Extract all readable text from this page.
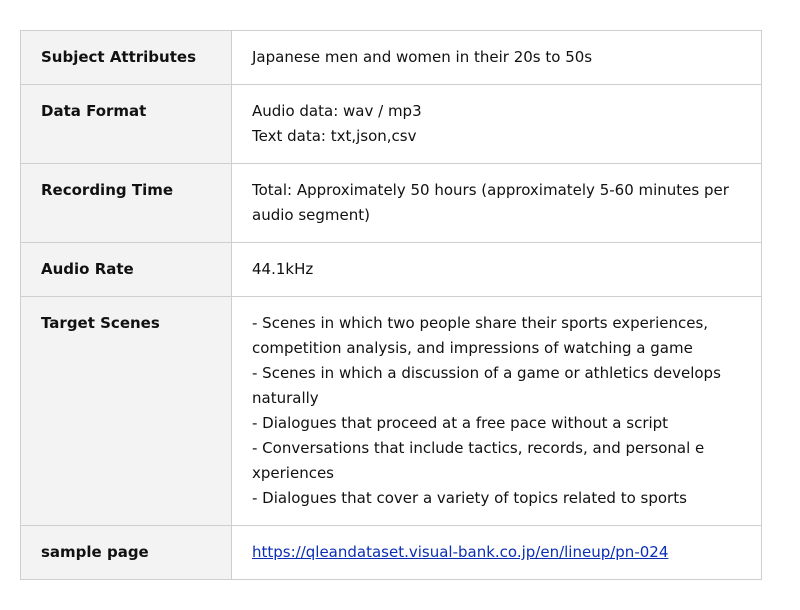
Subject Attributes	Japanese men and women in their 20s to 50s

Data Format	Audio data: wav / mp3
Text data: txt,json,csv

Recording Time	Total: Approximately 50 hours (approximately 5-60 minutes per audio segment)

Audio Rate	44.1kHz

Target Scenes	- Scenes in which two people share their sports experiences, competition analysis, and impressions of watching a game
- Scenes in which a discussion of a game or athletics develops naturally
- Dialogues that proceed at a free pace without a script
- Conversations that include tactics, records, and personal e xperiences
- Dialogues that cover a variety of topics related to sports

sample page	https://qleandataset.visual-bank.co.jp/en/lineup/pn-024
